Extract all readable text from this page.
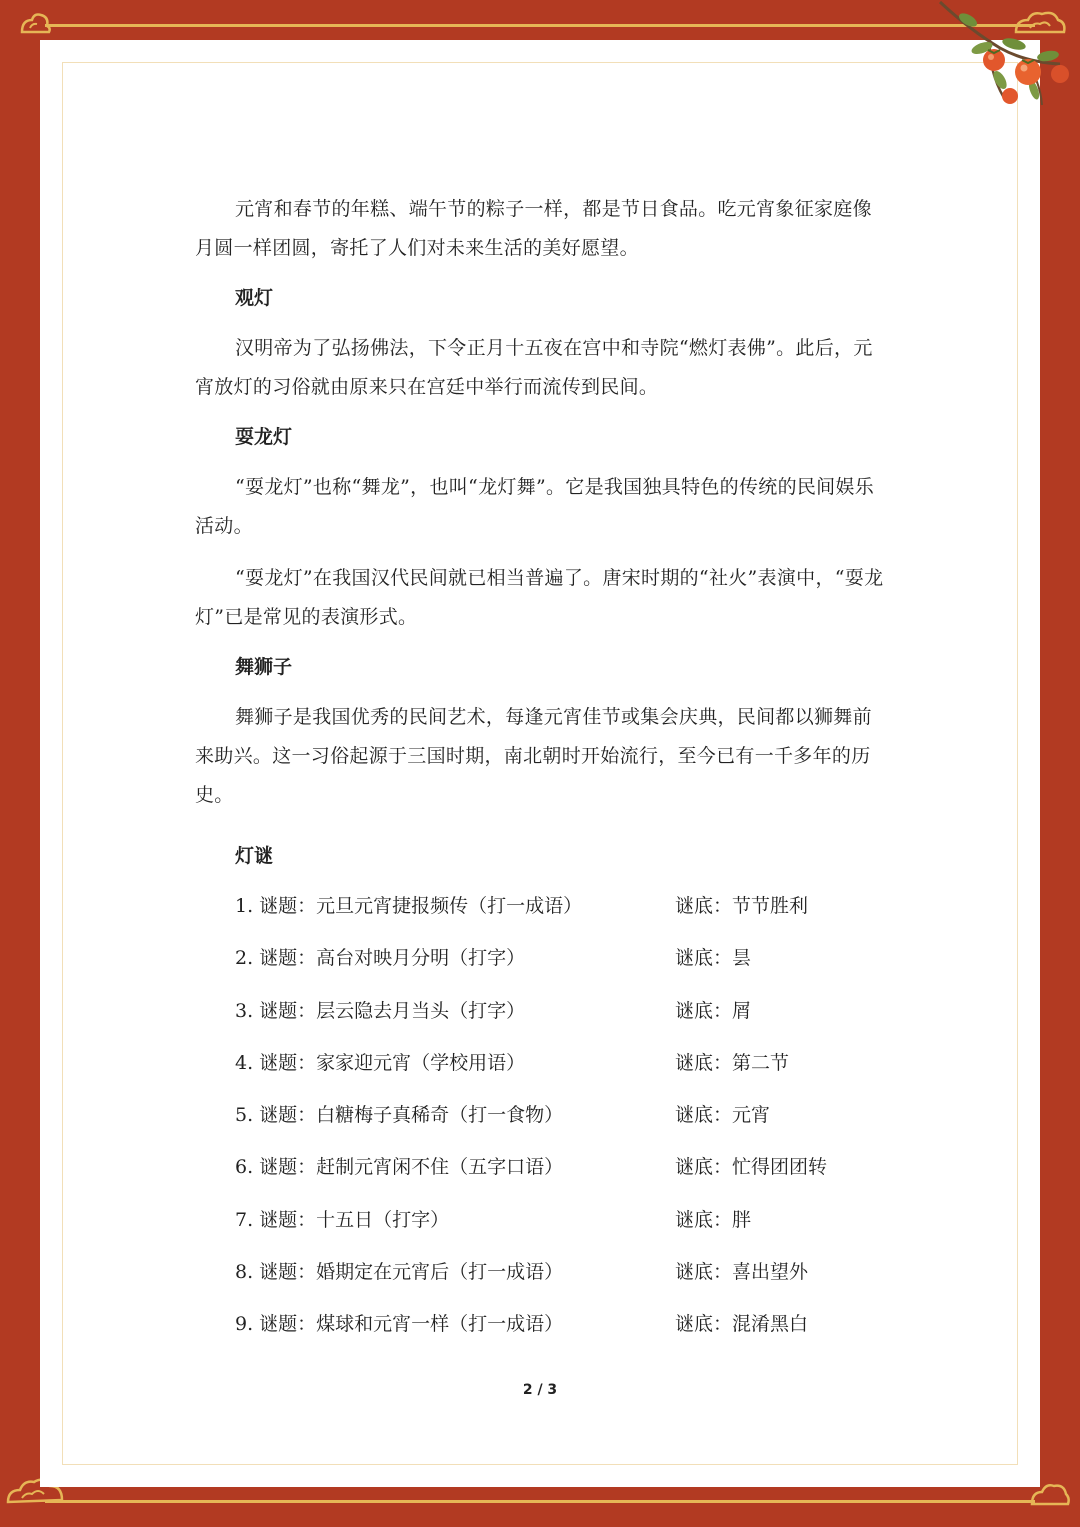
元宵和春节的年糕、端午节的粽子一样，都是节日食品。吃元宵象征家庭像月圆一样团圆，寄托了人们对未来生活的美好愿望。

观灯

汉明帝为了弘扬佛法，下令正月十五夜在宫中和寺院“燃灯表佛”。此后，元宵放灯的习俗就由原来只在宫廷中举行而流传到民间。

耍龙灯

“耍龙灯”也称“舞龙”，也叫“龙灯舞”。它是我国独具特色的传统的民间娱乐活动。

“耍龙灯”在我国汉代民间就已相当普遍了。唐宋时期的“社火”表演中，“耍龙灯”已是常见的表演形式。

舞狮子

舞狮子是我国优秀的民间艺术，每逢元宵佳节或集会庆典，民间都以狮舞前来助兴。这一习俗起源于三国时期，南北朝时开始流行，至今已有一千多年的历史。

灯谜
1. 谜题：元旦元宵捷报频传（打一成语）	谜底：节节胜利
2. 谜题：高台对映月分明（打字）	谜底：昙
3. 谜题：层云隐去月当头（打字）	谜底：屑
4. 谜题：家家迎元宵（学校用语）	谜底：第二节
5. 谜题：白糖梅子真稀奇（打一食物）	谜底：元宵
6. 谜题：赶制元宵闲不住（五字口语）	谜底：忙得团团转
7. 谜题：十五日（打字）	谜底：胖
8. 谜题：婚期定在元宵后（打一成语）	谜底：喜出望外
9. 谜题：煤球和元宵一样（打一成语）	谜底：混淆黑白
2 / 3
